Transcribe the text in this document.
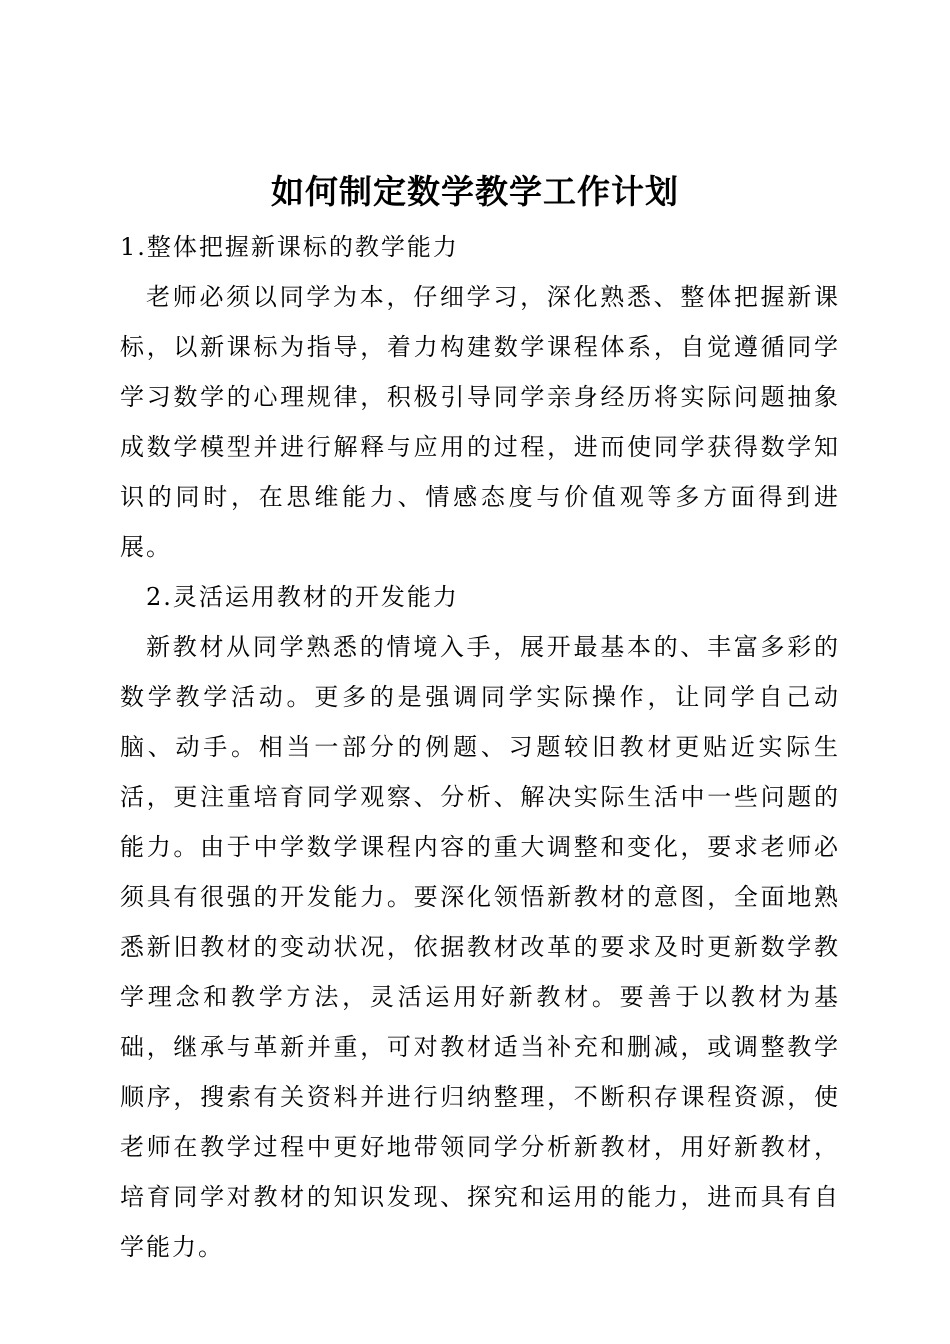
如何制定数学教学工作计划

1.整体把握新课标的教学能力

老师必须以同学为本，仔细学习，深化熟悉、整体把握新课标，以新课标为指导，着力构建数学课程体系，自觉遵循同学学习数学的心理规律，积极引导同学亲身经历将实际问题抽象成数学模型并进行解释与应用的过程，进而使同学获得数学知识的同时，在思维能力、情感态度与价值观等多方面得到进展。

2.灵活运用教材的开发能力

新教材从同学熟悉的情境入手，展开最基本的、丰富多彩的数学教学活动。更多的是强调同学实际操作，让同学自己动脑、动手。相当一部分的例题、习题较旧教材更贴近实际生活，更注重培育同学观察、分析、解决实际生活中一些问题的能力。由于中学数学课程内容的重大调整和变化，要求老师必须具有很强的开发能力。要深化领悟新教材的意图，全面地熟悉新旧教材的变动状况，依据教材改革的要求及时更新数学教学理念和教学方法，灵活运用好新教材。要善于以教材为基础，继承与革新并重，可对教材适当补充和删减，或调整教学顺序，搜索有关资料并进行归纳整理，不断积存课程资源，使老师在教学过程中更好地带领同学分析新教材，用好新教材，培育同学对教材的知识发现、探究和运用的能力，进而具有自学能力。
